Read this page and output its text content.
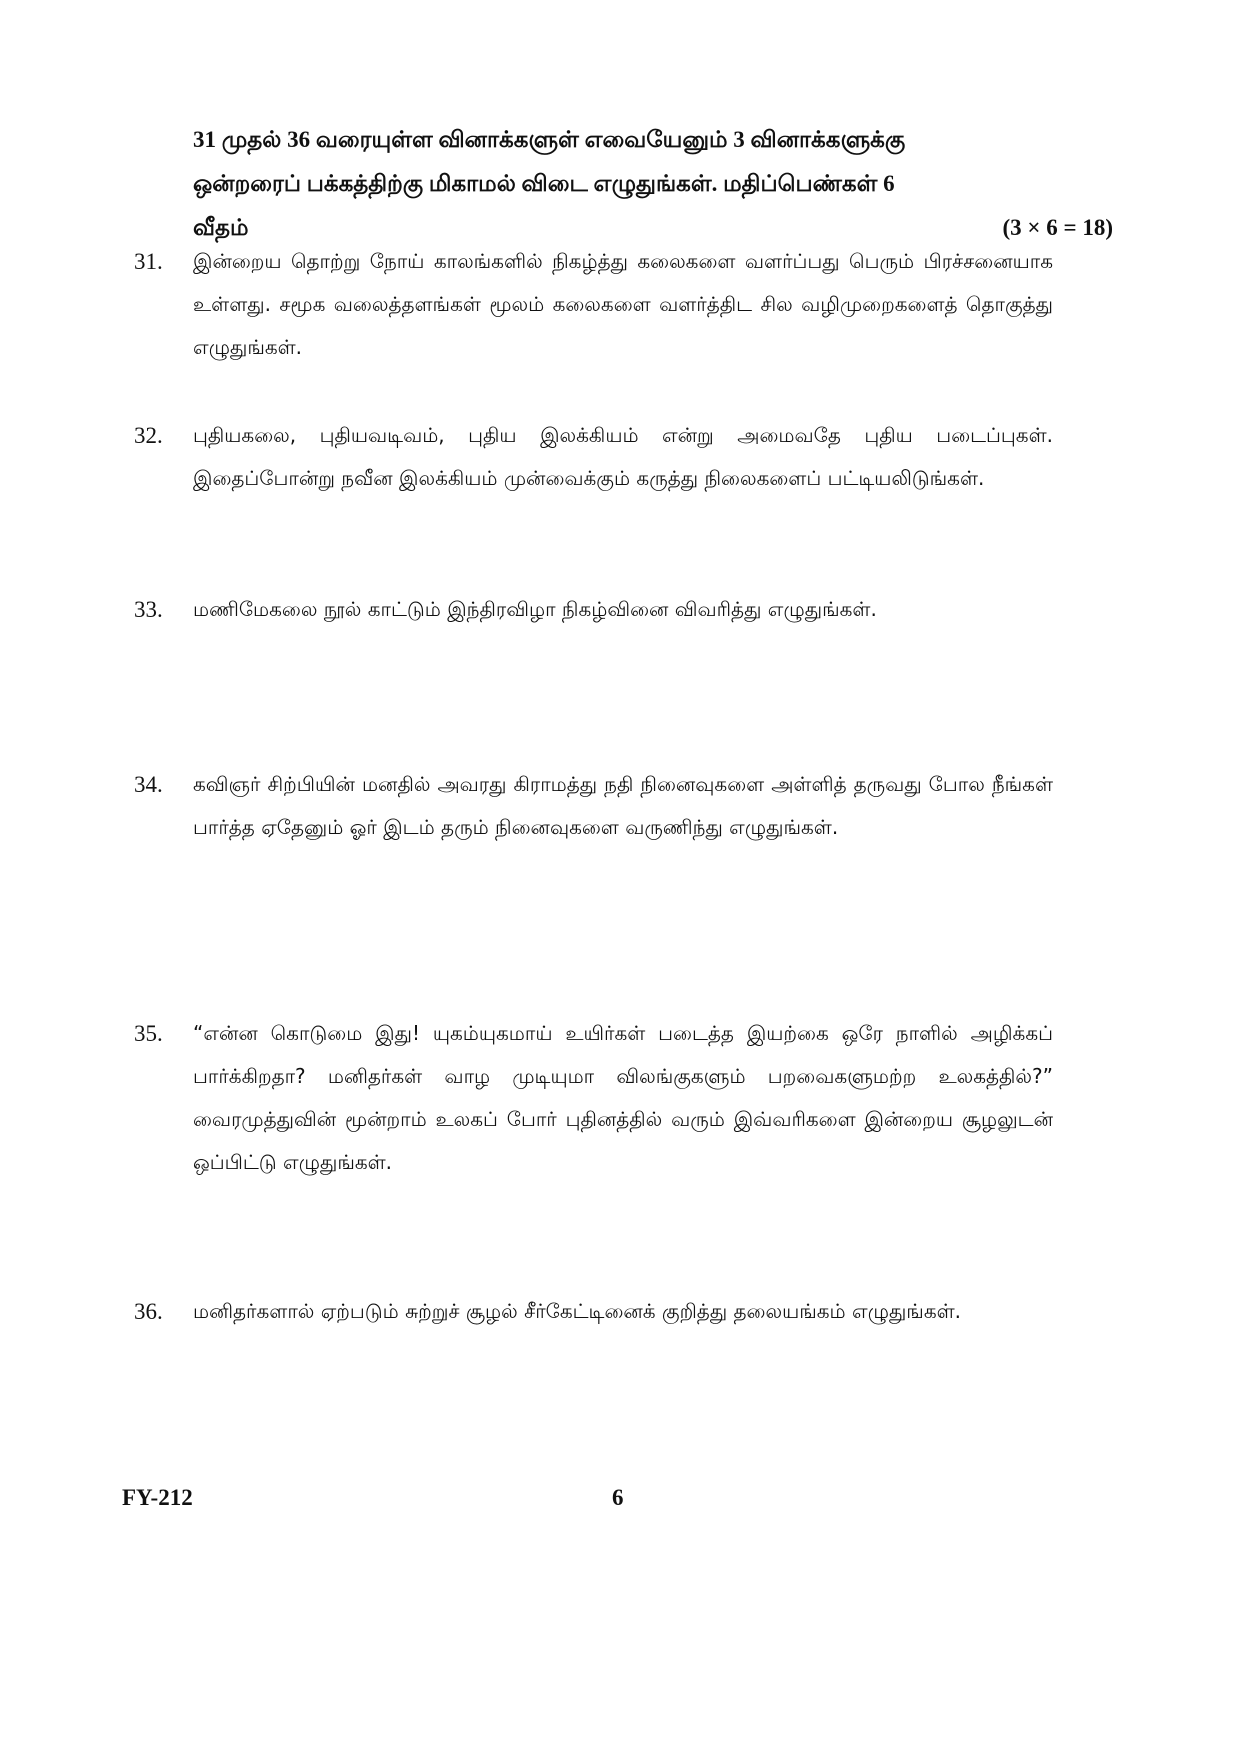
31 முதல் 36 வரையுள்ள வினாக்களுள் எவையேனும் 3 வினாக்களுக்கு
ஒன்றரைப் பக்கத்திற்கு மிகாமல் விடை எழுதுங்கள். மதிப்பெண்கள் 6
வீதம்	(3 × 6 = 18)
31. இன்றைய தொற்று நோய் காலங்களில் நிகழ்த்து கலைகளை வளர்ப்பது பெரும் பிரச்சனையாக உள்ளது. சமூக வலைத்தளங்கள் மூலம் கலைகளை வளர்த்திட சில வழிமுறைகளைத் தொகுத்து எழுதுங்கள்.
32. புதியகலை, புதியவடிவம், புதிய இலக்கியம் என்று அமைவதே புதிய படைப்புகள். இதைப்போன்று நவீன இலக்கியம் முன்வைக்கும் கருத்து நிலைகளைப் பட்டியலிடுங்கள்.
33. மணிமேகலை நூல் காட்டும் இந்திரவிழா நிகழ்வினை விவரித்து எழுதுங்கள்.
34. கவிஞர் சிற்பியின் மனதில் அவரது கிராமத்து நதி நினைவுகளை அள்ளித் தருவது போல நீங்கள் பார்த்த ஏதேனும் ஓர் இடம் தரும் நினைவுகளை வருணிந்து எழுதுங்கள்.
35. “என்ன கொடுமை இது! யுகம்யுகமாய் உயிர்கள் படைத்த இயற்கை ஒரே நாளில் அழிக்கப் பார்க்கிறதா? மனிதர்கள் வாழ முடியுமா விலங்குகளும் பறவைகளுமற்ற உலகத்தில்?” வைரமுத்துவின் மூன்றாம் உலகப் போர் புதினத்தில் வரும் இவ்வரிகளை இன்றைய சூழலுடன் ஒப்பிட்டு எழுதுங்கள்.
36. மனிதர்களால் ஏற்படும் சுற்றுச் சூழல் சீர்கேட்டினைக் குறித்து தலையங்கம் எழுதுங்கள்.
FY-212	6
